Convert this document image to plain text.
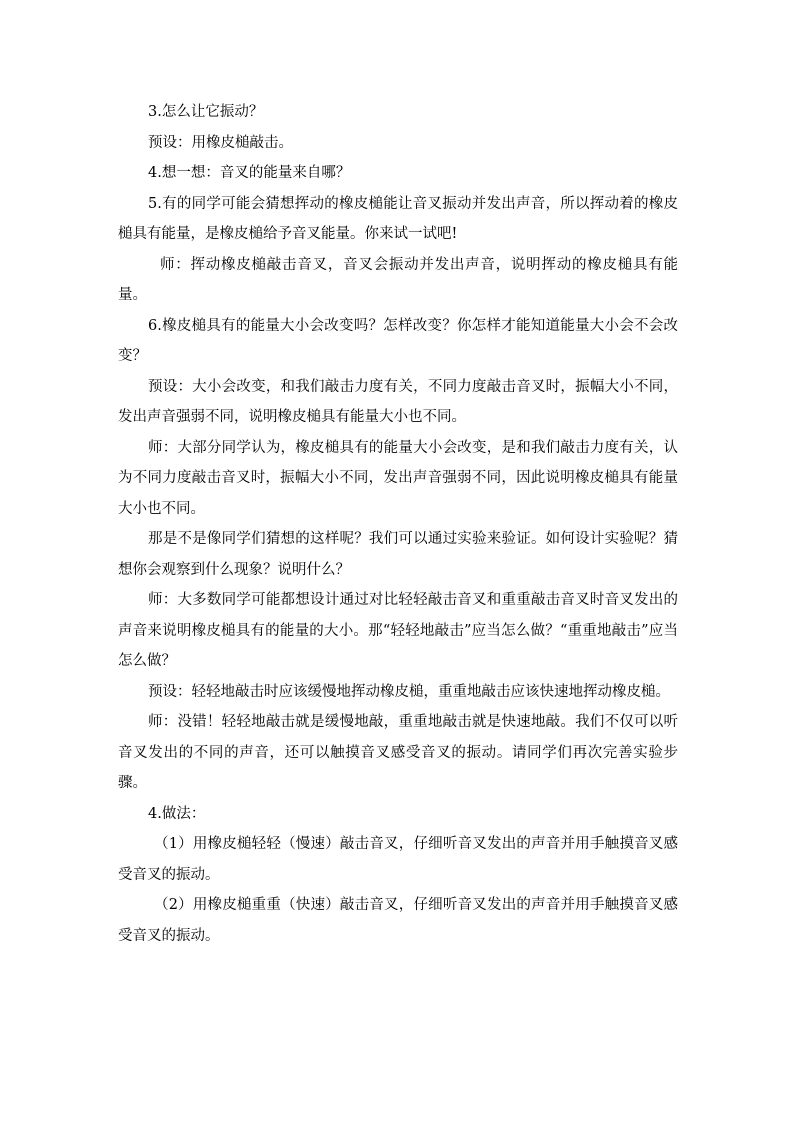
3.怎么让它振动？

预设：用橡皮槌敲击。

4.想一想：音叉的能量来自哪？

5.有的同学可能会猜想挥动的橡皮槌能让音叉振动并发出声音，所以挥动着的橡皮槌具有能量，是橡皮槌给予音叉能量。你来试一试吧!

师：挥动橡皮槌敲击音叉，音叉会振动并发出声音，说明挥动的橡皮槌具有能量。

6.橡皮槌具有的能量大小会改变吗？怎样改变？你怎样才能知道能量大小会不会改变？

预设：大小会改变，和我们敲击力度有关，不同力度敲击音叉时，振幅大小不同，发出声音强弱不同，说明橡皮槌具有能量大小也不同。

师：大部分同学认为，橡皮槌具有的能量大小会改变，是和我们敲击力度有关，认为不同力度敲击音叉时，振幅大小不同，发出声音强弱不同，因此说明橡皮槌具有能量大小也不同。

那是不是像同学们猜想的这样呢？我们可以通过实验来验证。如何设计实验呢？猜想你会观察到什么现象？说明什么？

师：大多数同学可能都想设计通过对比轻轻敲击音叉和重重敲击音叉时音叉发出的声音来说明橡皮槌具有的能量的大小。那“轻轻地敲击”应当怎么做？“重重地敲击”应当怎么做？

预设：轻轻地敲击时应该缓慢地挥动橡皮槌，重重地敲击应该快速地挥动橡皮槌。

师：没错！轻轻地敲击就是缓慢地敲，重重地敲击就是快速地敲。我们不仅可以听音叉发出的不同的声音，还可以触摸音叉感受音叉的振动。请同学们再次完善实验步骤。

4.做法：

（1）用橡皮槌轻轻（慢速）敲击音叉，仔细听音叉发出的声音并用手触摸音叉感受音叉的振动。

（2）用橡皮槌重重（快速）敲击音叉，仔细听音叉发出的声音并用手触摸音叉感受音叉的振动。
